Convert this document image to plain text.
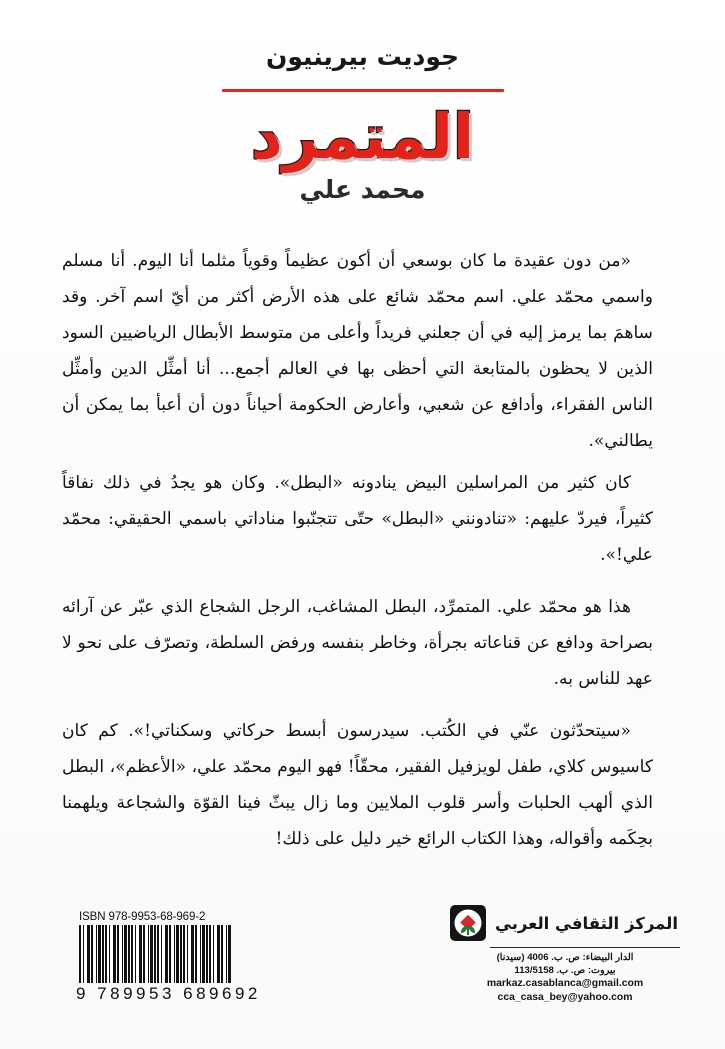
جوديت بيرينيون
المتمرد
محمد علي

«من دون عقيدة ما كان بوسعي أن أكون عظيماً وقوياً مثلما أنا اليوم. أنا مسلم واسمي محمّد علي. اسم محمّد شائع على هذه الأرض أكثر من أيّ اسم آخر. وقد ساهمَ بما يرمز إليه في أن جعلني فريداً وأعلى من متوسط الأبطال الرياضيين السود الذين لا يحظون بالمتابعة التي أحظى بها في العالم أجمع... أنا أمثِّل الدين وأمثِّل الناس الفقراء، وأدافع عن شعبي، وأعارض الحكومة أحياناً دون أن أعبأ بما يمكن أن يطالني».

كان كثير من المراسلين البيض ينادونه «البطل». وكان هو يجدُ في ذلك نفاقاً كثيراً، فيردّ عليهم: «تنادونني «البطل» حتّى تتجنّبوا مناداتي باسمي الحقيقي: محمّد علي!».

هذا هو محمّد علي. المتمرِّد، البطل المشاغب، الرجل الشجاع الذي عبّر عن آرائه بصراحة ودافع عن قناعاته بجرأة، وخاطر بنفسه ورفض السلطة، وتصرّف على نحو لا عهد للناس به.

«سيتحدّثون عنّي في الكُتب. سيدرسون أبسط حركاتي وسكناتي!». كم كان كاسيوس كلاي، طفل لويزفيل الفقير، محقّاً! فهو اليوم محمّد علي، «الأعظم»، البطل الذي ألهب الحلبات وأسر قلوب الملايين وما زال يبثّ فينا القوّة والشجاعة ويلهمنا بحِكَمه وأقواله، وهذا الكتاب الرائع خير دليل على ذلك!

ISBN 978-9953-68-969-2
9 789953 689692
المركز الثقافي العربي
الدار البيضاء: ص. ب. 4006 (سيدنا)
بيروت: ص. ب. 113/5158
markaz.casablanca@gmail.com
cca_casa_bey@yahoo.com
